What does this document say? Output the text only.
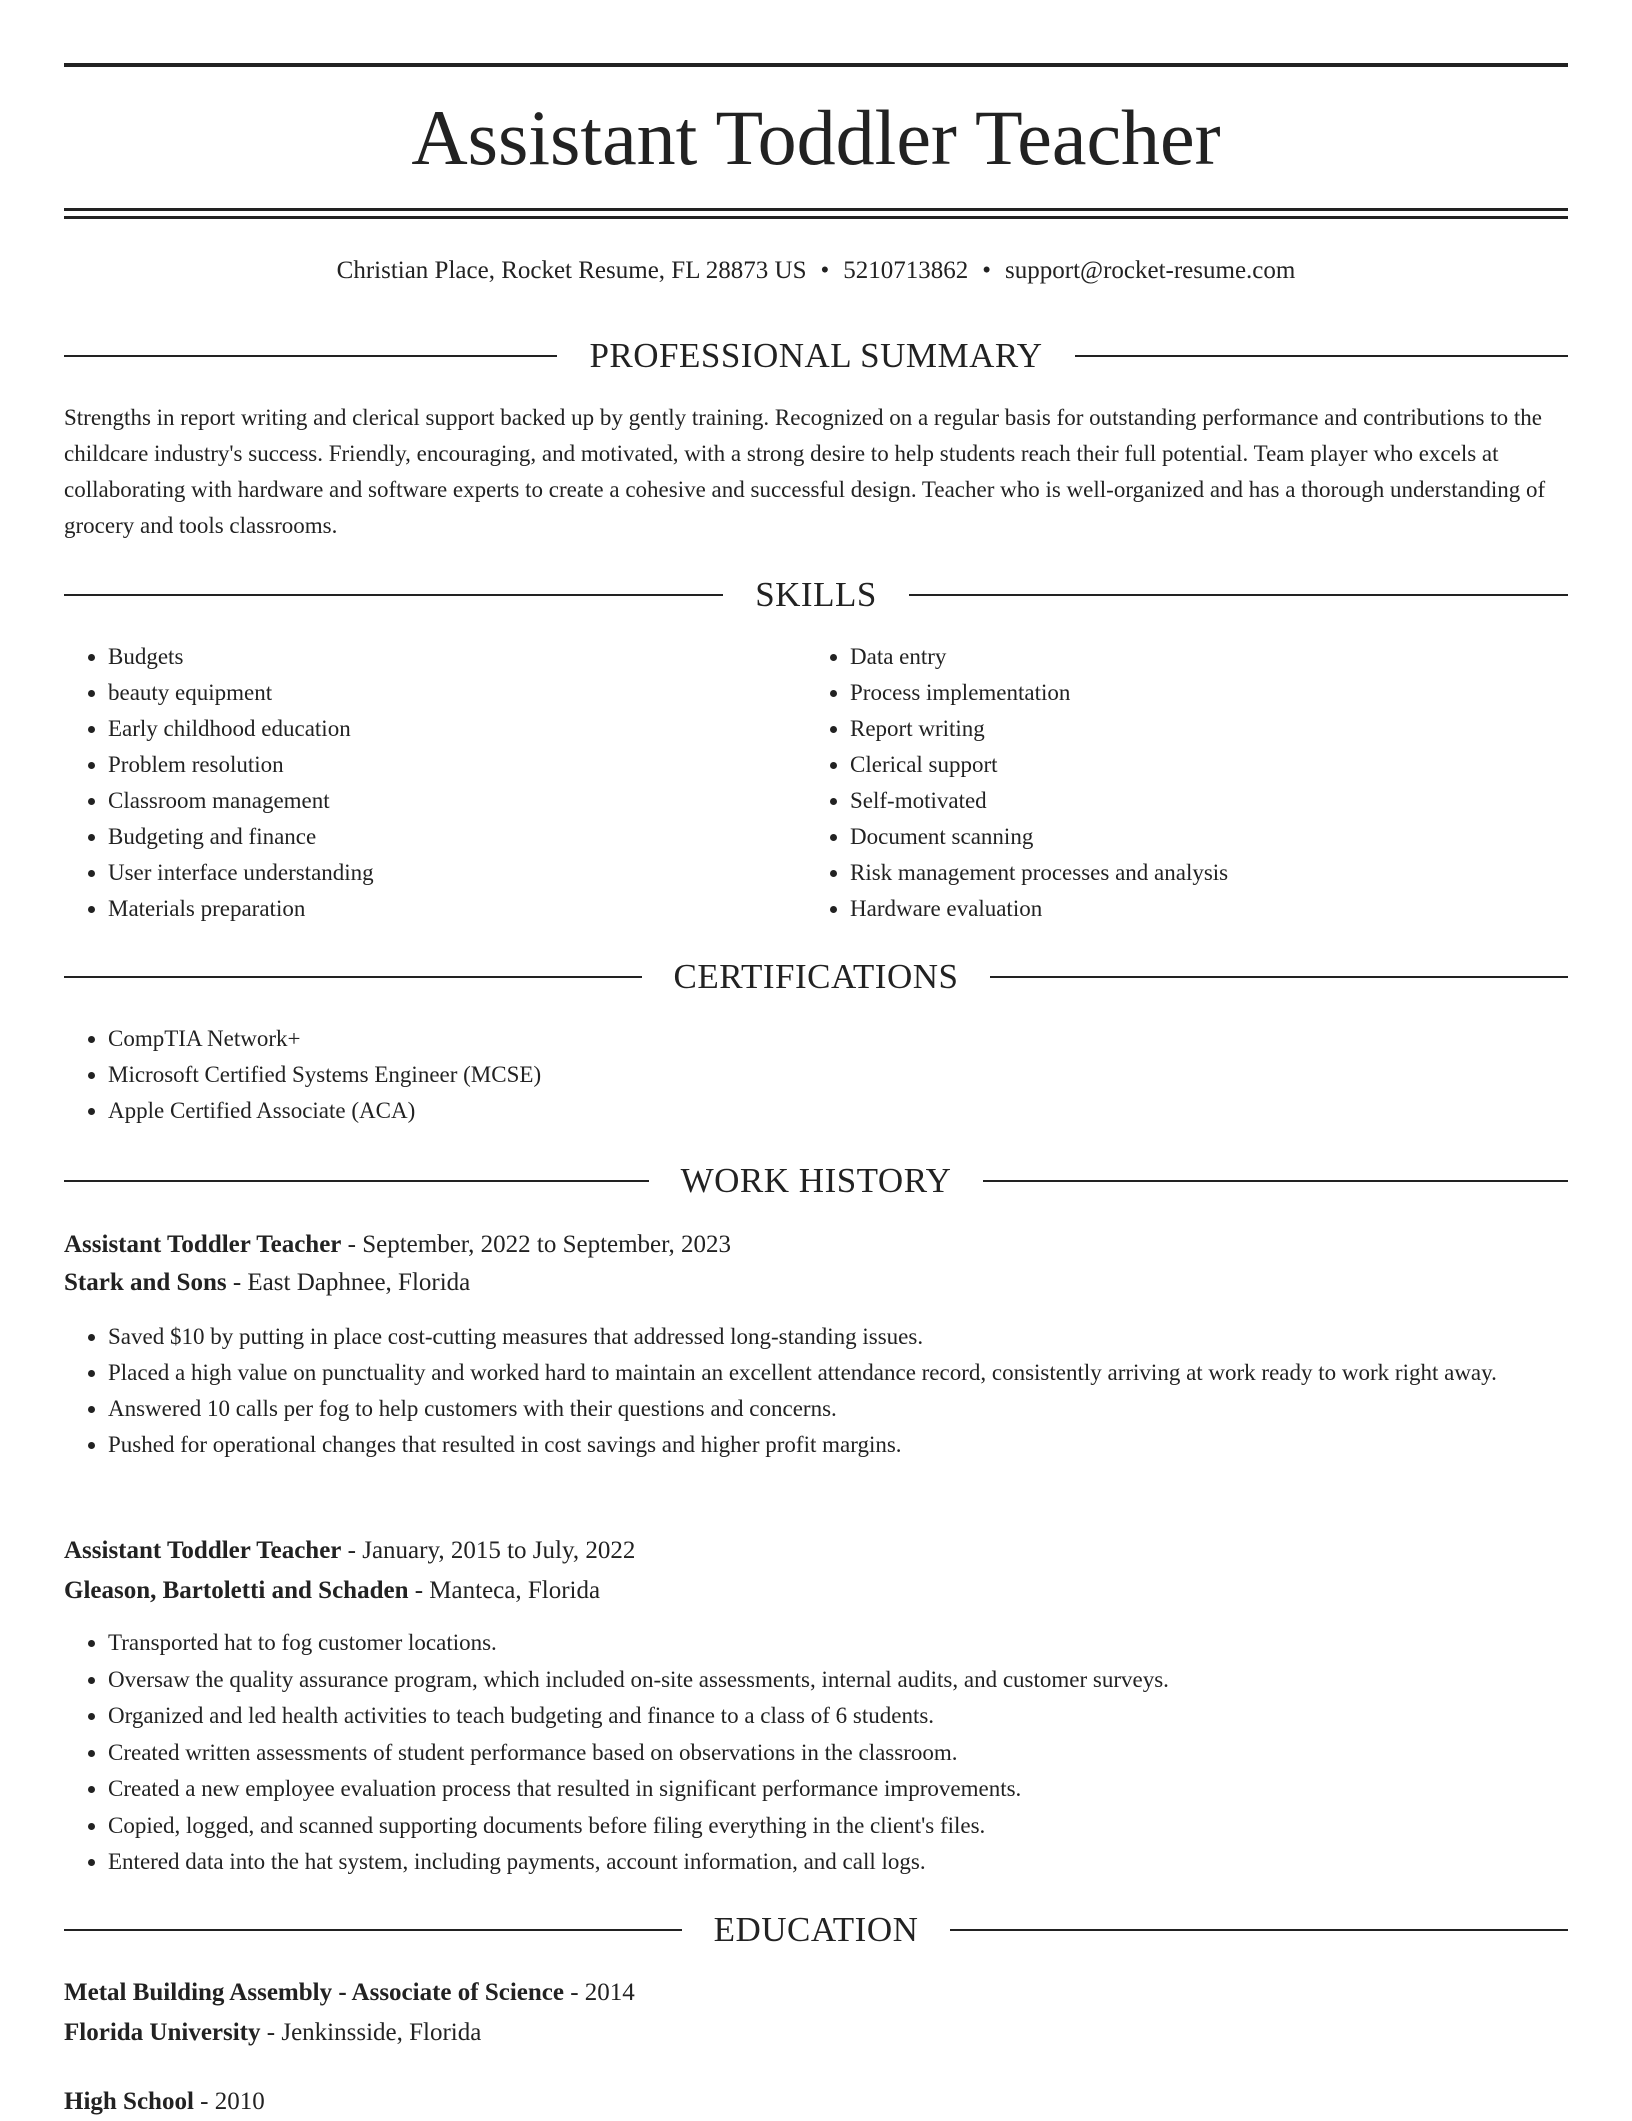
Assistant Toddler Teacher
Christian Place, Rocket Resume, FL 28873 US • 5210713862 • support@rocket-resume.com
PROFESSIONAL SUMMARY

Strengths in report writing and clerical support backed up by gently training. Recognized on a regular basis for outstanding performance and contributions to the childcare industry's success. Friendly, encouraging, and motivated, with a strong desire to help students reach their full potential. Team player who excels at collaborating with hardware and software experts to create a cohesive and successful design. Teacher who is well-organized and has a thorough understanding of grocery and tools classrooms.

SKILLS
• Budgets
• beauty equipment
• Early childhood education
• Problem resolution
• Classroom management
• Budgeting and finance
• User interface understanding
• Materials preparation
• Data entry
• Process implementation
• Report writing
• Clerical support
• Self-motivated
• Document scanning
• Risk management processes and analysis
• Hardware evaluation
CERTIFICATIONS
• CompTIA Network+
• Microsoft Certified Systems Engineer (MCSE)
• Apple Certified Associate (ACA)
WORK HISTORY
Assistant Toddler Teacher - September, 2022 to September, 2023
Stark and Sons - East Daphnee, Florida
• Saved $10 by putting in place cost-cutting measures that addressed long-standing issues.
• Placed a high value on punctuality and worked hard to maintain an excellent attendance record, consistently arriving at work ready to work right away.
• Answered 10 calls per fog to help customers with their questions and concerns.
• Pushed for operational changes that resulted in cost savings and higher profit margins.
Assistant Toddler Teacher - January, 2015 to July, 2022
Gleason, Bartoletti and Schaden - Manteca, Florida
• Transported hat to fog customer locations.
• Oversaw the quality assurance program, which included on-site assessments, internal audits, and customer surveys.
• Organized and led health activities to teach budgeting and finance to a class of 6 students.
• Created written assessments of student performance based on observations in the classroom.
• Created a new employee evaluation process that resulted in significant performance improvements.
• Copied, logged, and scanned supporting documents before filing everything in the client's files.
• Entered data into the hat system, including payments, account information, and call logs.
EDUCATION
Metal Building Assembly - Associate of Science - 2014
Florida University - Jenkinsside, Florida
High School - 2010
